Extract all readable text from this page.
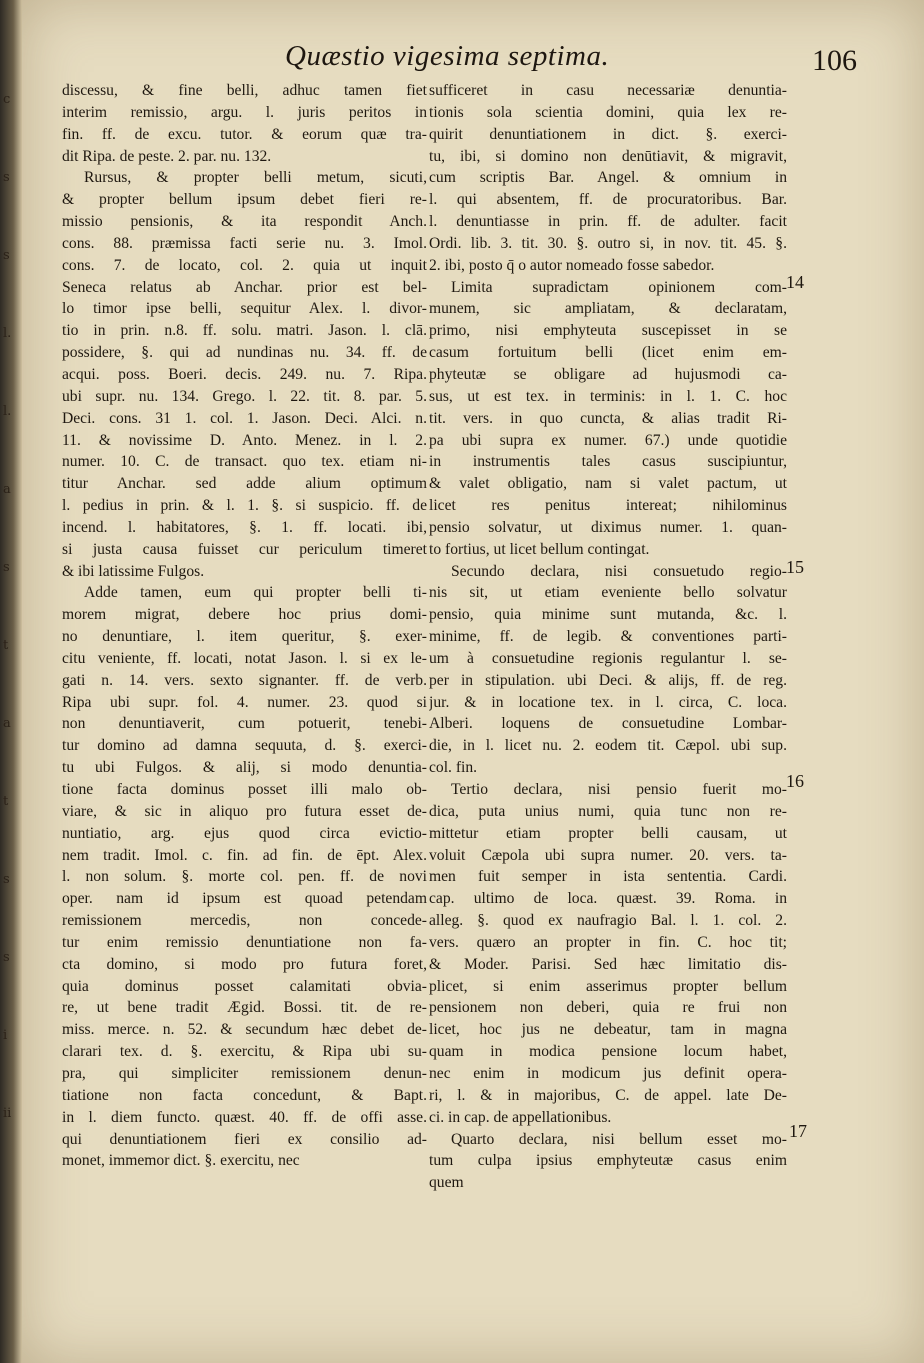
c
s
s
l.
l.
a
s
t
a
t
s
s
i
ii
Quæstio vigesima septima.	106
discessu, & fine belli, adhuc tamen fiet
interim remissio, argu. l. juris peritos in
fin. ff. de excu. tutor. & eorum quæ tra-
dit Ripa. de peste. 2. par. nu. 132.
Rursus, & propter belli metum, sicuti,
& propter bellum ipsum debet fieri re-
missio pensionis, & ita respondit Anch.
cons. 88. præmissa facti serie nu. 3. Imol.
cons. 7. de locato, col. 2. quia ut inquit
Seneca relatus ab Anchar. prior est bel-
lo timor ipse belli, sequitur Alex. l. divor-
tio in prin. n.8. ff. solu. matri. Jason. l. clā.
possidere, §. qui ad nundinas nu. 34. ff. de
acqui. poss. Boeri. decis. 249. nu. 7. Ripa.
ubi supr. nu. 134. Grego. l. 22. tit. 8. par. 5.
Deci. cons. 31 1. col. 1. Jason. Deci. Alci. n.
11. & novissime D. Anto. Menez. in l. 2.
numer. 10. C. de transact. quo tex. etiam ni-
titur Anchar. sed adde alium optimum
l. pedius in prin. & l. 1. §. si suspicio. ff. de
incend. l. habitatores, §. 1. ff. locati. ibi,
si justa causa fuisset cur periculum timeret
& ibi latissime Fulgos.
Adde tamen, eum qui propter belli ti-
morem migrat, debere hoc prius domi-
no denuntiare, l. item queritur, §. exer-
citu veniente, ff. locati, notat Jason. l. si ex le-
gati n. 14. vers. sexto signanter. ff. de verb.
Ripa ubi supr. fol. 4. numer. 23. quod si
non denuntiaverit, cum potuerit, tenebi-
tur domino ad damna sequuta, d. §. exerci-
tu ubi Fulgos. & alij, si modo denuntia-
tione facta dominus posset illi malo ob-
viare, & sic in aliquo pro futura esset de-
nuntiatio, arg. ejus quod circa evictio-
nem tradit. Imol. c. fin. ad fin. de ēpt. Alex.
l. non solum. §. morte col. pen. ff. de novi
oper. nam id ipsum est quoad petendam
remissionem mercedis, non concede-
tur enim remissio denuntiatione non fa-
cta domino, si modo pro futura foret,
quia dominus posset calamitati obvia-
re, ut bene tradit Ægid. Bossi. tit. de re-
miss. merce. n. 52. & secundum hæc debet de-
clarari tex. d. §. exercitu, & Ripa ubi su-
pra, qui simpliciter remissionem denun-
tiatione non facta concedunt, & Bapt.
in l. diem functo. quæst. 40. ff. de offi asse.
qui denuntiationem fieri ex consilio ad-
monet, immemor dict. §. exercitu, nec
sufficeret in casu necessariæ denuntia-
tionis sola scientia domini, quia lex re-
quirit denuntiationem in dict. §. exerci-
tu, ibi, si domino non denūtiavit, & migravit,
cum scriptis Bar. Angel. & omnium in
l. qui absentem, ff. de procuratoribus. Bar.
l. denuntiasse in prin. ff. de adulter. facit
Ordi. lib. 3. tit. 30. §. outro si, in nov. tit. 45. §.
2. ibi, posto q̄ o autor nomeado fosse sabedor.
Limita supradictam opinionem com-
munem, sic ampliatam, & declaratam,
primo, nisi emphyteuta suscepisset in se
casum fortuitum belli (licet enim em-
phyteutæ se obligare ad hujusmodi ca-
sus, ut est tex. in terminis: in l. 1. C. hoc
tit. vers. in quo cuncta, & alias tradit Ri-
pa ubi supra ex numer. 67.) unde quotidie
in instrumentis tales casus suscipiuntur,
& valet obligatio, nam si valet pactum, ut
licet res penitus intereat; nihilominus
pensio solvatur, ut diximus numer. 1. quan-
to fortius, ut licet bellum contingat.
Secundo declara, nisi consuetudo regio-
nis sit, ut etiam eveniente bello solvatur
pensio, quia minime sunt mutanda, &c. l.
minime, ff. de legib. & conventiones parti-
um à consuetudine regionis regulantur l. se-
per in stipulation. ubi Deci. & alijs, ff. de reg.
jur. & in locatione tex. in l. circa, C. loca.
Alberi. loquens de consuetudine Lombar-
die, in l. licet nu. 2. eodem tit. Cæpol. ubi sup.
col. fin.
Tertio declara, nisi pensio fuerit mo-
dica, puta unius numi, quia tunc non re-
mittetur etiam propter belli causam, ut
voluit Cæpola ubi supra numer. 20. vers. ta-
men fuit semper in ista sententia. Cardi.
cap. ultimo de loca. quæst. 39. Roma. in
alleg. §. quod ex naufragio Bal. l. 1. col. 2.
vers. quæro an propter in fin. C. hoc tit;
& Moder. Parisi. Sed hæc limitatio dis-
plicet, si enim asserimus propter bellum
pensionem non deberi, quia re frui non
licet, hoc jus ne debeatur, tam in magna
quam in modica pensione locum habet,
nec enim in modicum jus definit opera-
ri, l. & in majoribus, C. de appel. late De-
ci. in cap. de appellationibus.
Quarto declara, nisi bellum esset mo-
tum culpa ipsius emphyteutæ casus enim
quem
14
15
16
17
